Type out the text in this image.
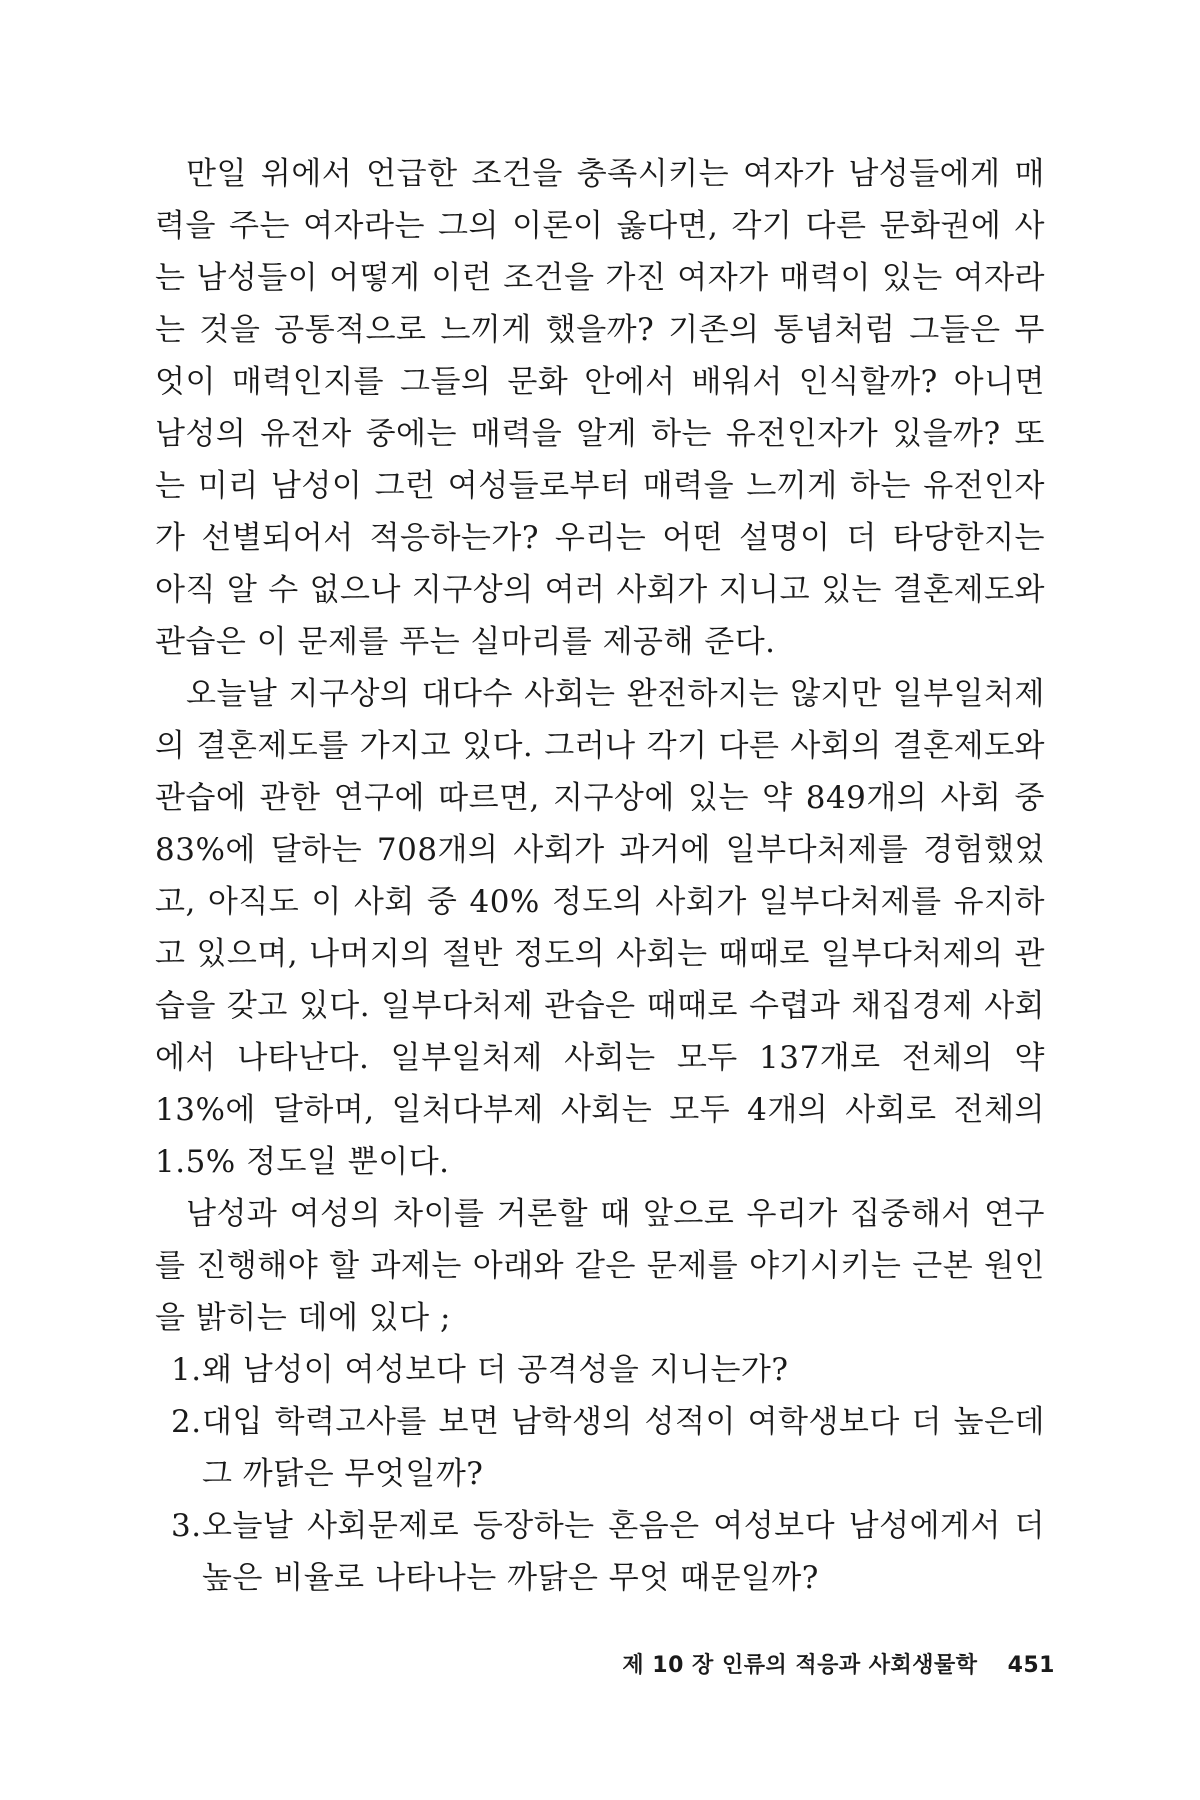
만일 위에서 언급한 조건을 충족시키는 여자가 남성들에게 매력을 주는 여자라는 그의 이론이 옳다면, 각기 다른 문화권에 사는 남성들이 어떻게 이런 조건을 가진 여자가 매력이 있는 여자라는 것을 공통적으로 느끼게 했을까? 기존의 통념처럼 그들은 무엇이 매력인지를 그들의 문화 안에서 배워서 인식할까? 아니면 남성의 유전자 중에는 매력을 알게 하는 유전인자가 있을까? 또는 미리 남성이 그런 여성들로부터 매력을 느끼게 하는 유전인자가 선별되어서 적응하는가? 우리는 어떤 설명이 더 타당한지는 아직 알 수 없으나 지구상의 여러 사회가 지니고 있는 결혼제도와 관습은 이 문제를 푸는 실마리를 제공해 준다.

오늘날 지구상의 대다수 사회는 완전하지는 않지만 일부일처제의 결혼제도를 가지고 있다. 그러나 각기 다른 사회의 결혼제도와 관습에 관한 연구에 따르면, 지구상에 있는 약 849개의 사회 중 83%에 달하는 708개의 사회가 과거에 일부다처제를 경험했었고, 아직도 이 사회 중 40% 정도의 사회가 일부다처제를 유지하고 있으며, 나머지의 절반 정도의 사회는 때때로 일부다처제의 관습을 갖고 있다. 일부다처제 관습은 때때로 수렵과 채집경제 사회에서 나타난다. 일부일처제 사회는 모두 137개로 전체의 약 13%에 달하며, 일처다부제 사회는 모두 4개의 사회로 전체의 1.5% 정도일 뿐이다.

남성과 여성의 차이를 거론할 때 앞으로 우리가 집중해서 연구를 진행해야 할 과제는 아래와 같은 문제를 야기시키는 근본 원인을 밝히는 데에 있다 ;

1.왜 남성이 여성보다 더 공격성을 지니는가?

2.대입 학력고사를 보면 남학생의 성적이 여학생보다 더 높은데 그 까닭은 무엇일까?

3.오늘날 사회문제로 등장하는 혼음은 여성보다 남성에게서 더 높은 비율로 나타나는 까닭은 무엇 때문일까?

제 10 장 인류의 적응과 사회생물학 451
